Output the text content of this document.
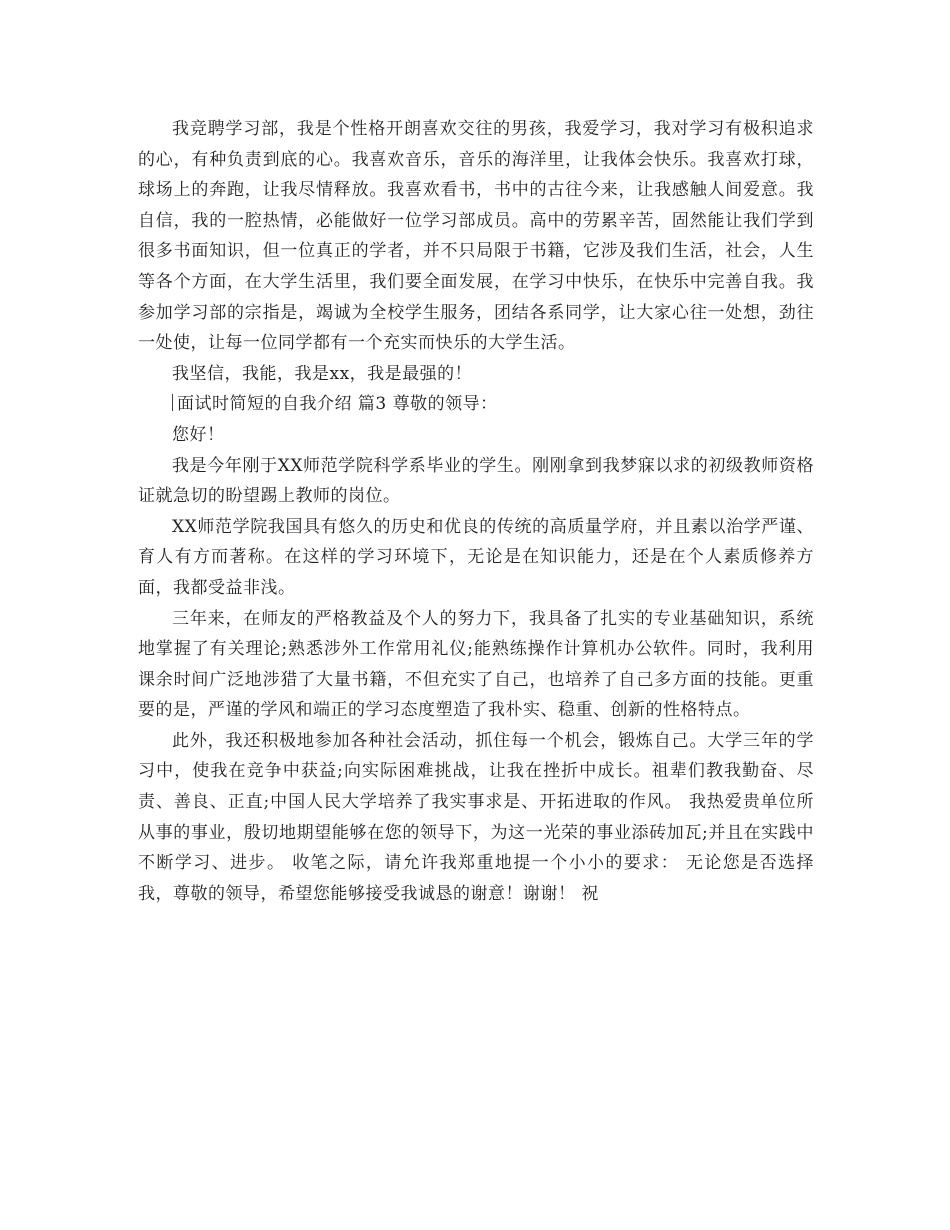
我竞聘学习部，我是个性格开朗喜欢交往的男孩，我爱学习，我对学习有极积追求的心，有种负责到底的心。我喜欢音乐，音乐的海洋里，让我体会快乐。我喜欢打球，球场上的奔跑，让我尽情释放。我喜欢看书，书中的古往今来，让我感触人间爱意。我自信，我的一腔热情，必能做好一位学习部成员。高中的劳累辛苦，固然能让我们学到很多书面知识，但一位真正的学者，并不只局限于书籍，它涉及我们生活，社会，人生等各个方面，在大学生活里，我们要全面发展，在学习中快乐，在快乐中完善自我。我参加学习部的宗指是，竭诚为全校学生服务，团结各系同学，让大家心往一处想，劲往一处使，让每一位同学都有一个充实而快乐的大学生活。

我坚信，我能，我是xx，我是最强的！

面试时简短的自我介绍 篇3 尊敬的领导：

您好！

我是今年刚于XX师范学院科学系毕业的学生。刚刚拿到我梦寐以求的初级教师资格证就急切的盼望踢上教师的岗位。

XX师范学院我国具有悠久的历史和优良的传统的高质量学府，并且素以治学严谨、育人有方而著称。在这样的学习环境下，无论是在知识能力，还是在个人素质修养方面，我都受益非浅。

三年来，在师友的严格教益及个人的努力下，我具备了扎实的专业基础知识，系统地掌握了有关理论;熟悉涉外工作常用礼仪;能熟练操作计算机办公软件。同时，我利用课余时间广泛地涉猎了大量书籍，不但充实了自己，也培养了自己多方面的技能。更重要的是，严谨的学风和端正的学习态度塑造了我朴实、稳重、创新的性格特点。

此外，我还积极地参加各种社会活动，抓住每一个机会，锻炼自己。大学三年的学习中，使我在竞争中获益;向实际困难挑战，让我在挫折中成长。祖辈们教我勤奋、尽责、善良、正直;中国人民大学培养了我实事求是、开拓进取的作风。 我热爱贵单位所从事的事业，殷切地期望能够在您的领导下，为这一光荣的事业添砖加瓦;并且在实践中不断学习、进步。 收笔之际，请允许我郑重地提一个小小的要求： 无论您是否选择我，尊敬的领导，希望您能够接受我诚恳的谢意！谢谢！ 祝
